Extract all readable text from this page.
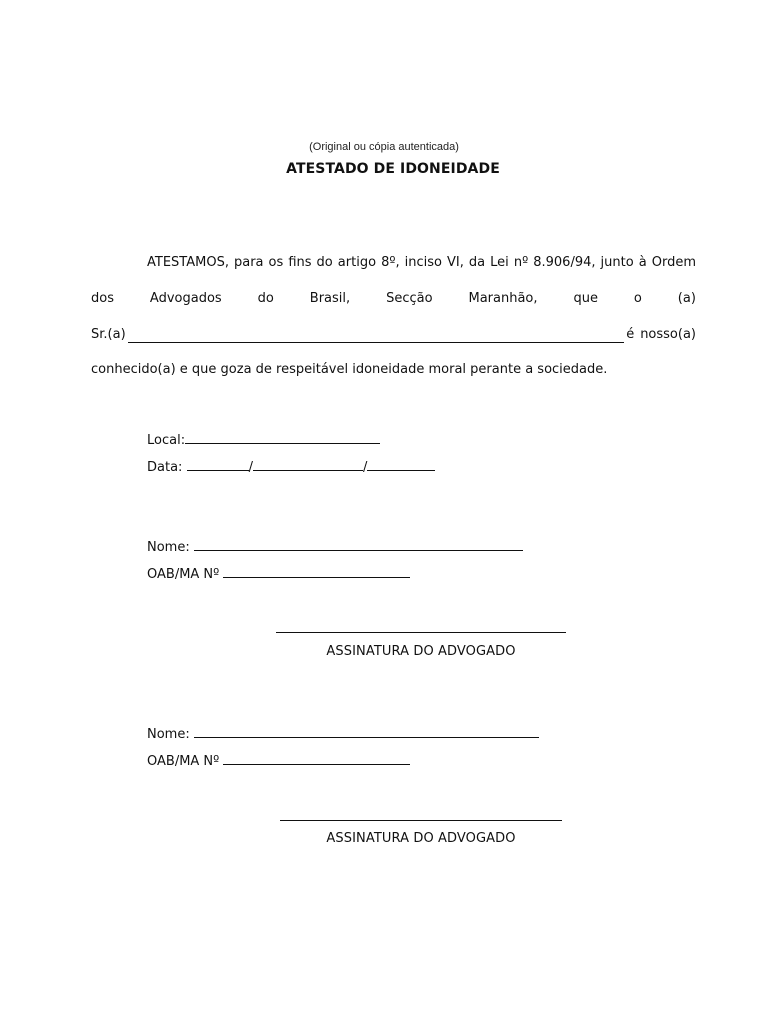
(Original ou cópia autenticada)
ATESTADO DE IDONEIDADE
ATESTAMOS, para os fins do artigo 8º, inciso VI, da Lei nº 8.906/94, junto à Ordem
dos	Advogados	do	Brasil,	Secção	Maranhão,	que	o	(a)
Sr.(a)	é nosso(a)
conhecido(a) e que goza de respeitável idoneidade moral perante a sociedade.
Local:
Data:	/	/
Nome:
OAB/MA Nº
ASSINATURA DO ADVOGADO
Nome:
OAB/MA Nº
ASSINATURA DO ADVOGADO
